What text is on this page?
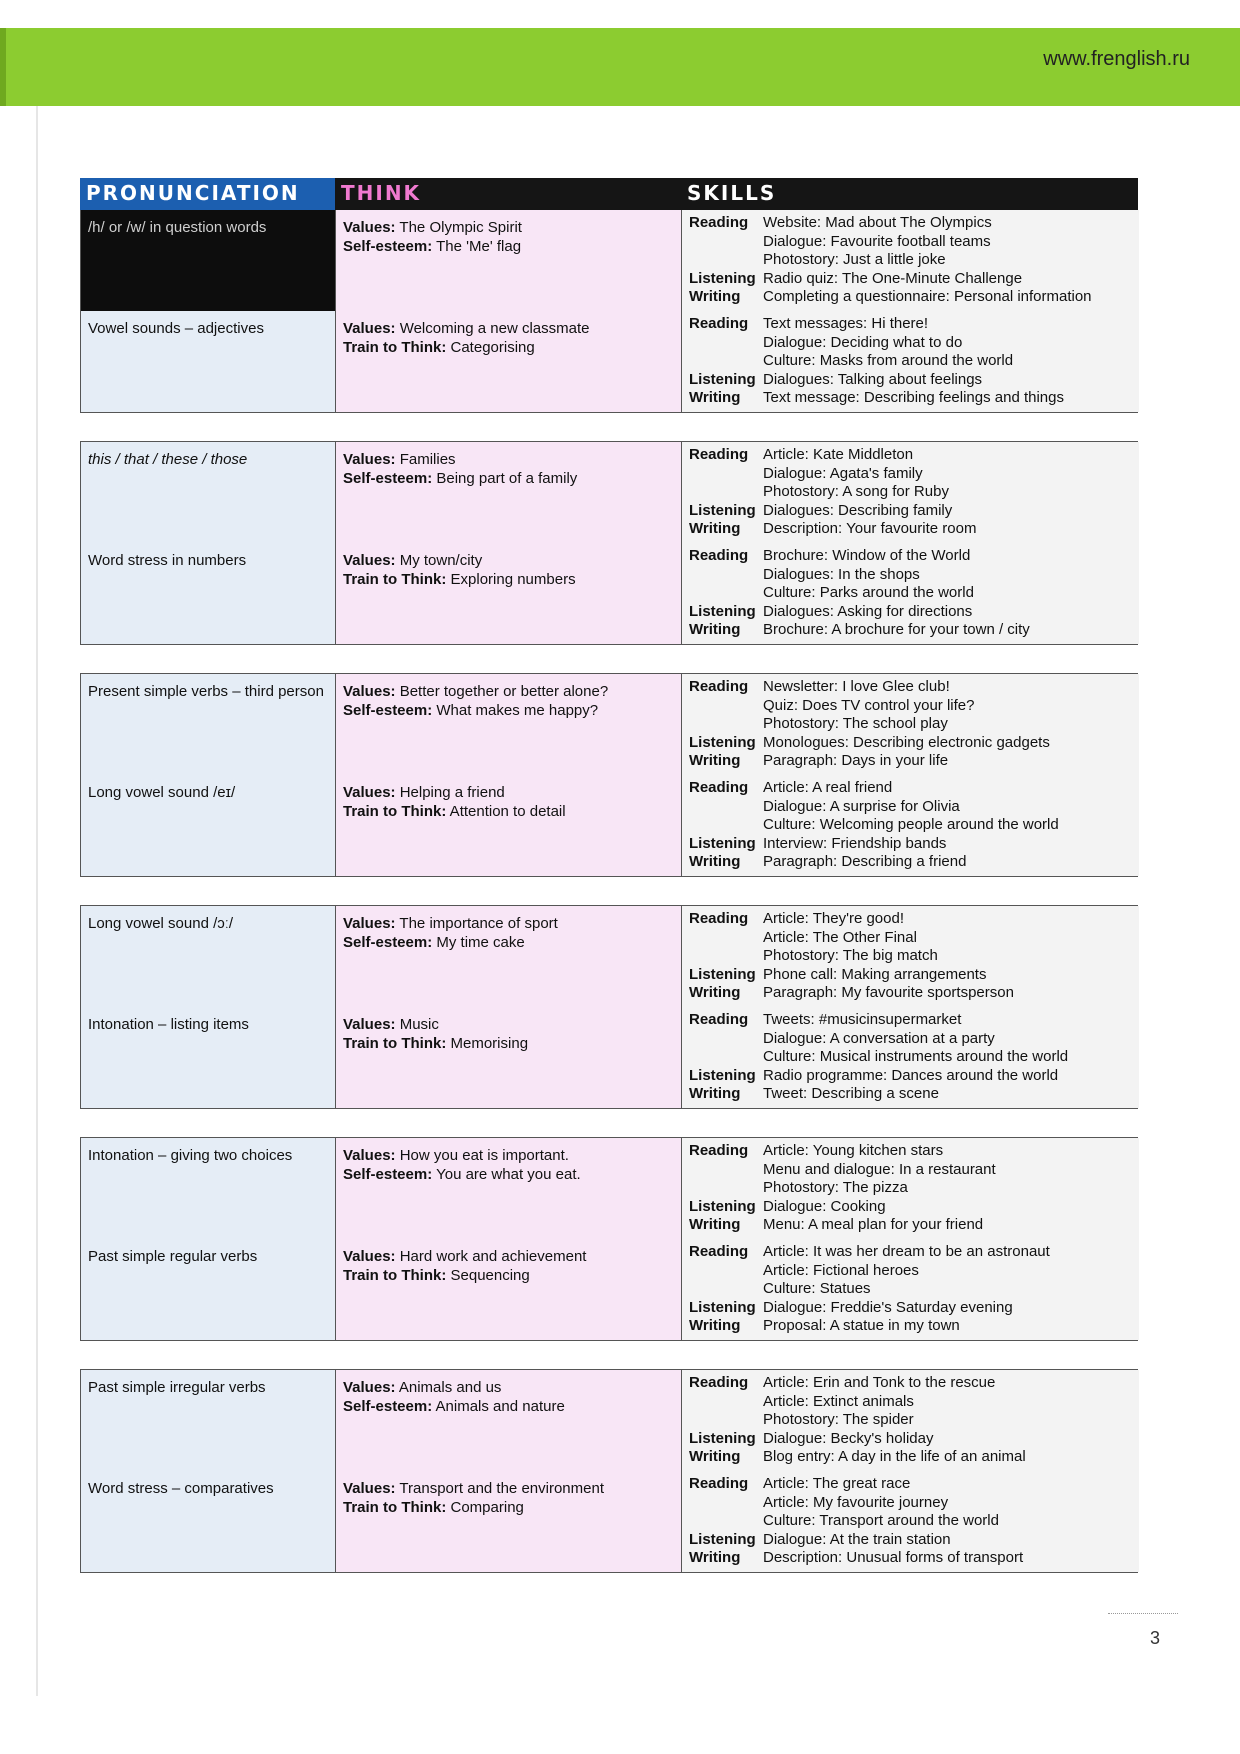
www.frenglish.ru
PRONUNCIATION	THINK	SKILLS
/h/ or /w/ in question words	Values: The Olympic Spirit
Self-esteem: The 'Me' flag
Reading Website: Mad about The Olympics
Dialogue: Favourite football teams
Photostory: Just a little joke
Listening Radio quiz: The One-Minute Challenge
Writing	Completing a questionnaire: Personal information
Vowel sounds – adjectives	Values: Welcoming a new classmate
Train to Think: Categorising
Reading Text messages: Hi there!
Dialogue: Deciding what to do
Culture: Masks from around the world
Listening Dialogues: Talking about feelings
Writing	Text message: Describing feelings and things
this / that / these / those	Values: Families
Self-esteem: Being part of a family
Reading Article: Kate Middleton
Dialogue: Agata's family
Photostory: A song for Ruby
Listening Dialogues: Describing family
Writing	Description: Your favourite room
Word stress in numbers	Values: My town/city
Train to Think: Exploring numbers
Reading Brochure: Window of the World
Dialogues: In the shops
Culture: Parks around the world
Listening Dialogues: Asking for directions
Writing	Brochure: A brochure for your town / city
Present simple verbs – third person	Values: Better together or better alone?
Self-esteem: What makes me happy?
Reading Newsletter: I love Glee club!
Quiz: Does TV control your life?
Photostory: The school play
Listening Monologues: Describing electronic gadgets
Writing	Paragraph: Days in your life
Long vowel sound /eɪ/	Values: Helping a friend
Train to Think: Attention to detail
Reading Article: A real friend
Dialogue: A surprise for Olivia
Culture: Welcoming people around the world
Listening Interview: Friendship bands
Writing	Paragraph: Describing a friend
Long vowel sound /ɔː/	Values: The importance of sport
Self-esteem: My time cake
Reading Article: They're good!
Article: The Other Final
Photostory: The big match
Listening Phone call: Making arrangements
Writing	Paragraph: My favourite sportsperson
Intonation – listing items	Values: Music
Train to Think: Memorising
Reading Tweets: #musicinsupermarket
Dialogue: A conversation at a party
Culture: Musical instruments around the world
Listening Radio programme: Dances around the world
Writing	Tweet: Describing a scene
Intonation – giving two choices	Values: How you eat is important.
Self-esteem: You are what you eat.
Reading Article: Young kitchen stars
Menu and dialogue: In a restaurant
Photostory: The pizza
Listening Dialogue: Cooking
Writing	Menu: A meal plan for your friend
Past simple regular verbs	Values: Hard work and achievement
Train to Think: Sequencing
Reading Article: It was her dream to be an astronaut
Article: Fictional heroes
Culture: Statues
Listening Dialogue: Freddie's Saturday evening
Writing	Proposal: A statue in my town
Past simple irregular verbs	Values: Animals and us
Self-esteem: Animals and nature
Reading Article: Erin and Tonk to the rescue
Article: Extinct animals
Photostory: The spider
Listening Dialogue: Becky's holiday
Writing	Blog entry: A day in the life of an animal
Word stress – comparatives	Values: Transport and the environment
Train to Think: Comparing
Reading Article: The great race
Article: My favourite journey
Culture: Transport around the world
Listening Dialogue: At the train station
Writing	Description: Unusual forms of transport
3
